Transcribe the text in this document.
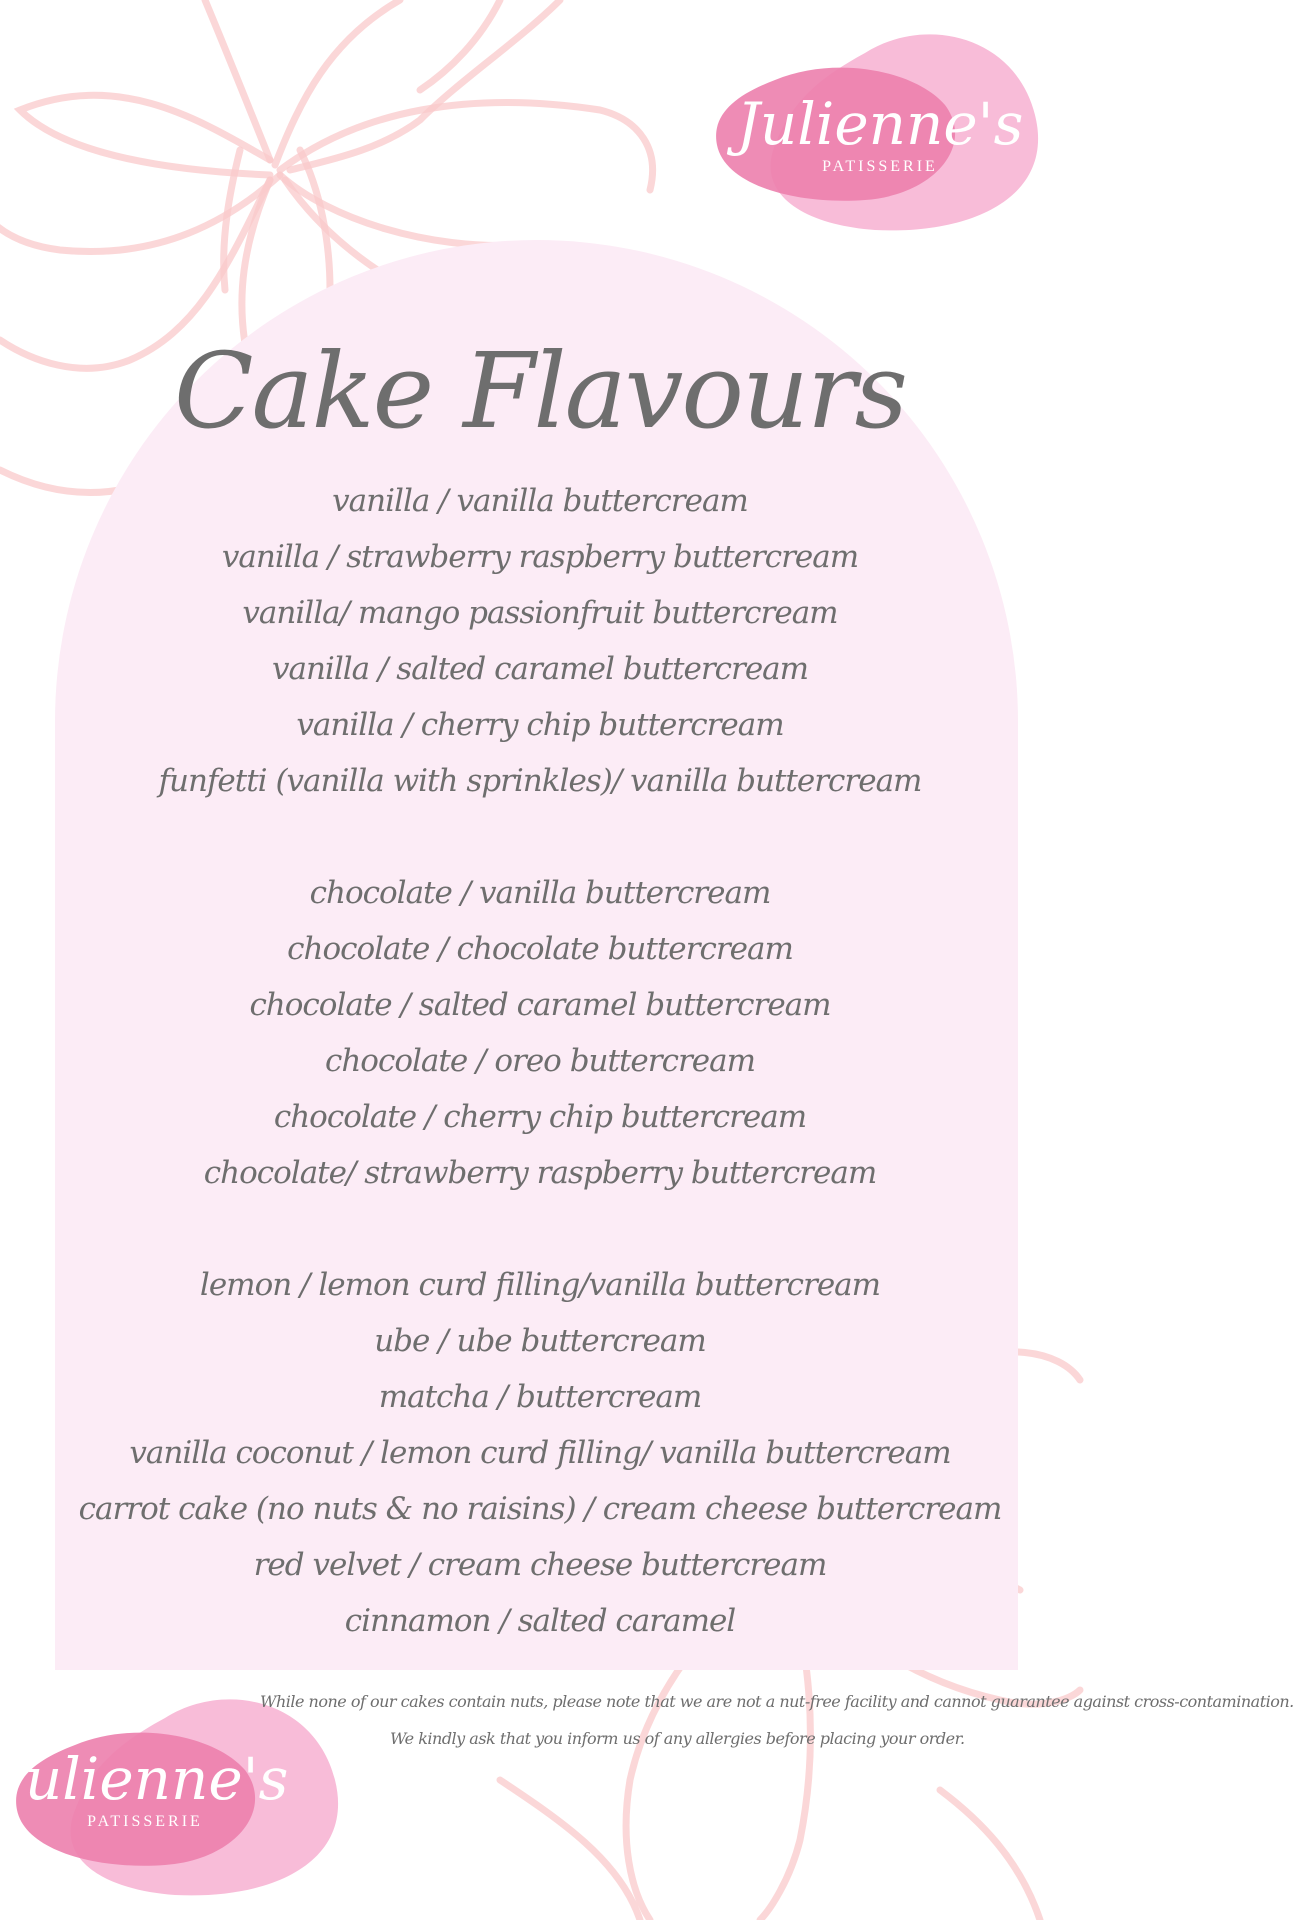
Julienne's
PATISSERIE
Julienne's
PATISSERIE
Cake Flavours
vanilla / vanilla buttercream
vanilla / strawberry raspberry buttercream
vanilla/ mango passionfruit buttercream
vanilla / salted caramel buttercream
vanilla / cherry chip buttercream
funfetti (vanilla with sprinkles)/ vanilla buttercream
chocolate / vanilla buttercream
chocolate / chocolate buttercream
chocolate / salted caramel buttercream
chocolate / oreo buttercream
chocolate / cherry chip buttercream
chocolate/ strawberry raspberry buttercream
lemon / lemon curd filling/vanilla buttercream
ube / ube buttercream
matcha / buttercream
vanilla coconut / lemon curd filling/ vanilla buttercream
carrot cake (no nuts & no raisins) / cream cheese buttercream
red velvet / cream cheese buttercream
cinnamon / salted caramel

While none of our cakes contain nuts, please note that we are not a nut-free facility and cannot guarantee against cross-contamination.

We kindly ask that you inform us of any allergies before placing your order.
